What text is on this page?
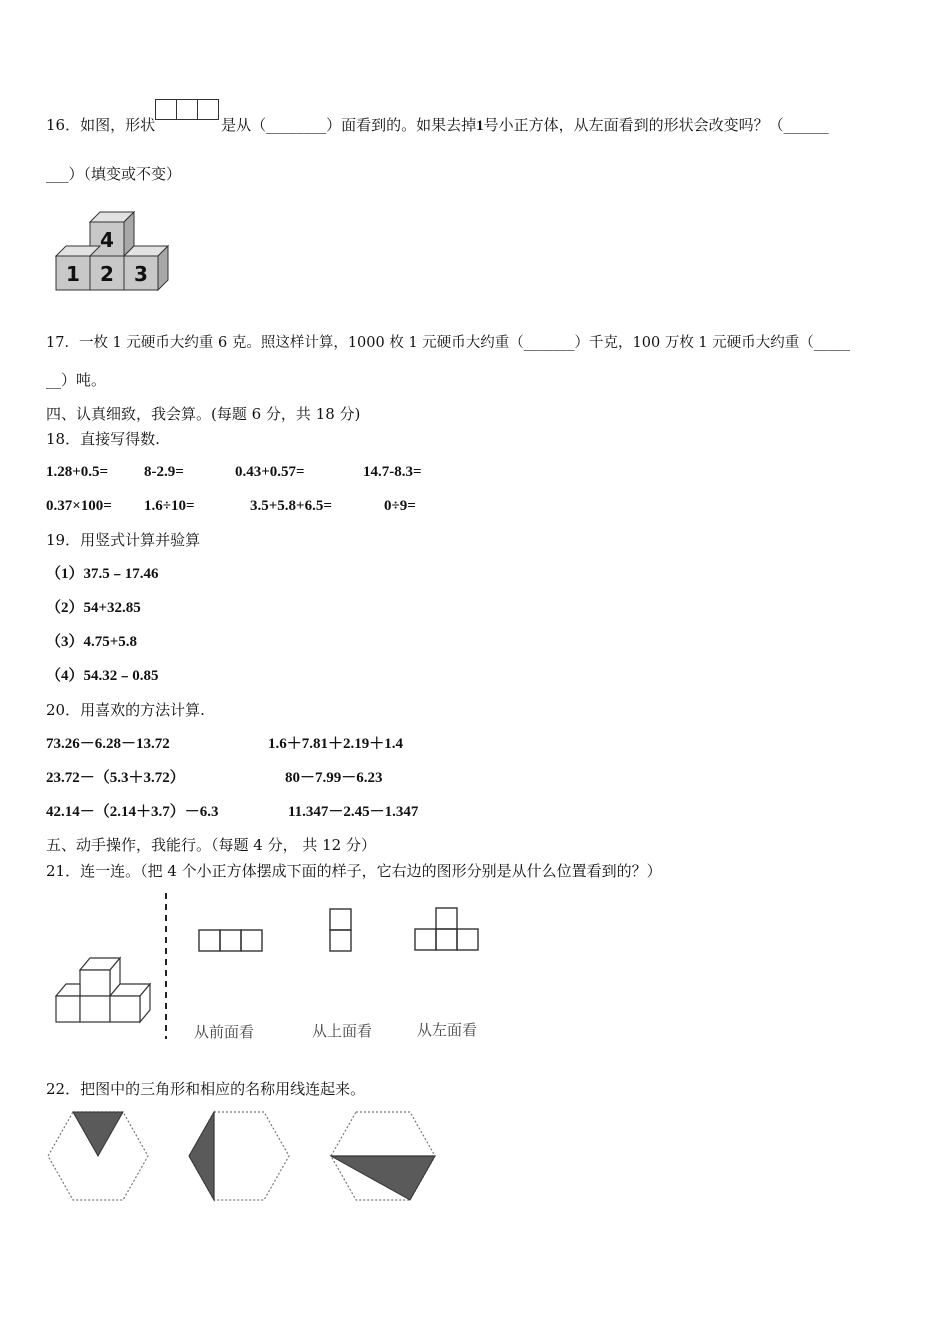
16．如图，形状	是从（________）面看到的。如果去掉1号小正方体，从左面看到的形状会改变吗？（______
___）（填变或不变）
4
1 2 3
17．一枚 1 元硬币大约重 6 克。照这样计算，1000 枚 1 元硬币大约重（_______）千克，100 万枚 1 元硬币大约重（_____
__）吨。
四、认真细致，我会算。(每题 6 分，共 18 分)
18．直接写得数.
1.28+0.5= 8-2.9=	0.43+0.57=	14.7-8.3=
0.37×100= 1.6÷10=	3.5+5.8+6.5=	0÷9=
19．用竖式计算并验算
（1）37.5﹣17.46
（2）54+32.85
（3）4.75+5.8
（4）54.32﹣0.85
20．用喜欢的方法计算.
73.26－6.28－13.72	1.6＋7.81＋2.19＋1.4
23.72－（5.3＋3.72）	80－7.99－6.23
42.14－（2.14＋3.7）－6.3	11.347－2.45－1.347
五、动手操作，我能行。（每题 4 分， 共 12 分）
21．连一连。（把 4 个小正方体摆成下面的样子，它右边的图形分别是从什么位置看到的？）
从前面看	从上面看	从左面看
22．把图中的三角形和相应的名称用线连起来。
